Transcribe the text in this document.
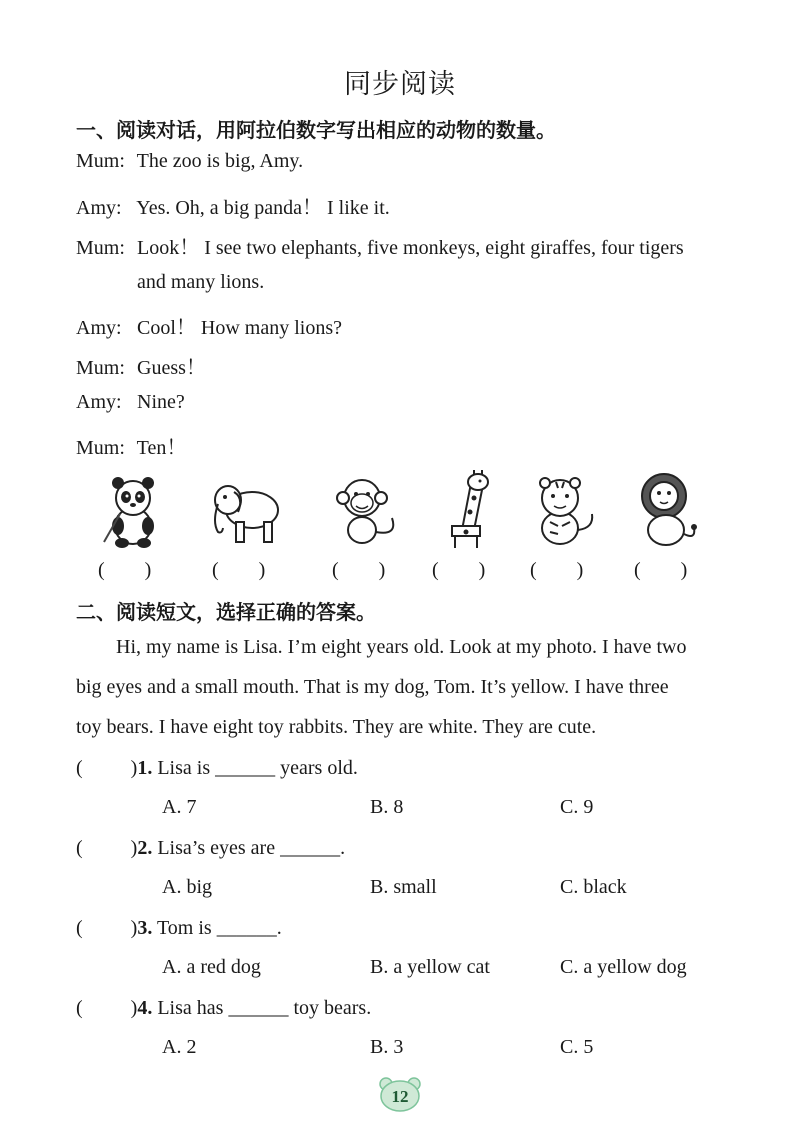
同步阅读
一、阅读对话，用阿拉伯数字写出相应的动物的数量。
Mum: The zoo is big, Amy.
Amy: Yes. Oh, a big panda！ I like it.
Mum: Look！ I see two elephants, five monkeys, eight giraffes, four tigers
and many lions.
Amy: Cool！ How many lions?
Mum: Guess！
Amy: Nine?
Mum: Ten！
(　　)	(　　)	(　　) (　　) (　　)	(　　)
二、阅读短文，选择正确的答案。
Hi, my name is Lisa. I’m eight years old. Look at my photo. I have two
big eyes and a small mouth. That is my dog, Tom. It’s yellow. I have three
toy bears. I have eight toy rabbits. They are white. They are cute.
( )1. Lisa is ______ years old.
A. 7	B. 8	C. 9
( )2. Lisa’s eyes are ______.
A. big	B. small	C. black
( )3. Tom is ______.
A. a red dog	B. a yellow cat	C. a yellow dog
( )4. Lisa has ______ toy bears.
A. 2	B. 3	C. 5
12
